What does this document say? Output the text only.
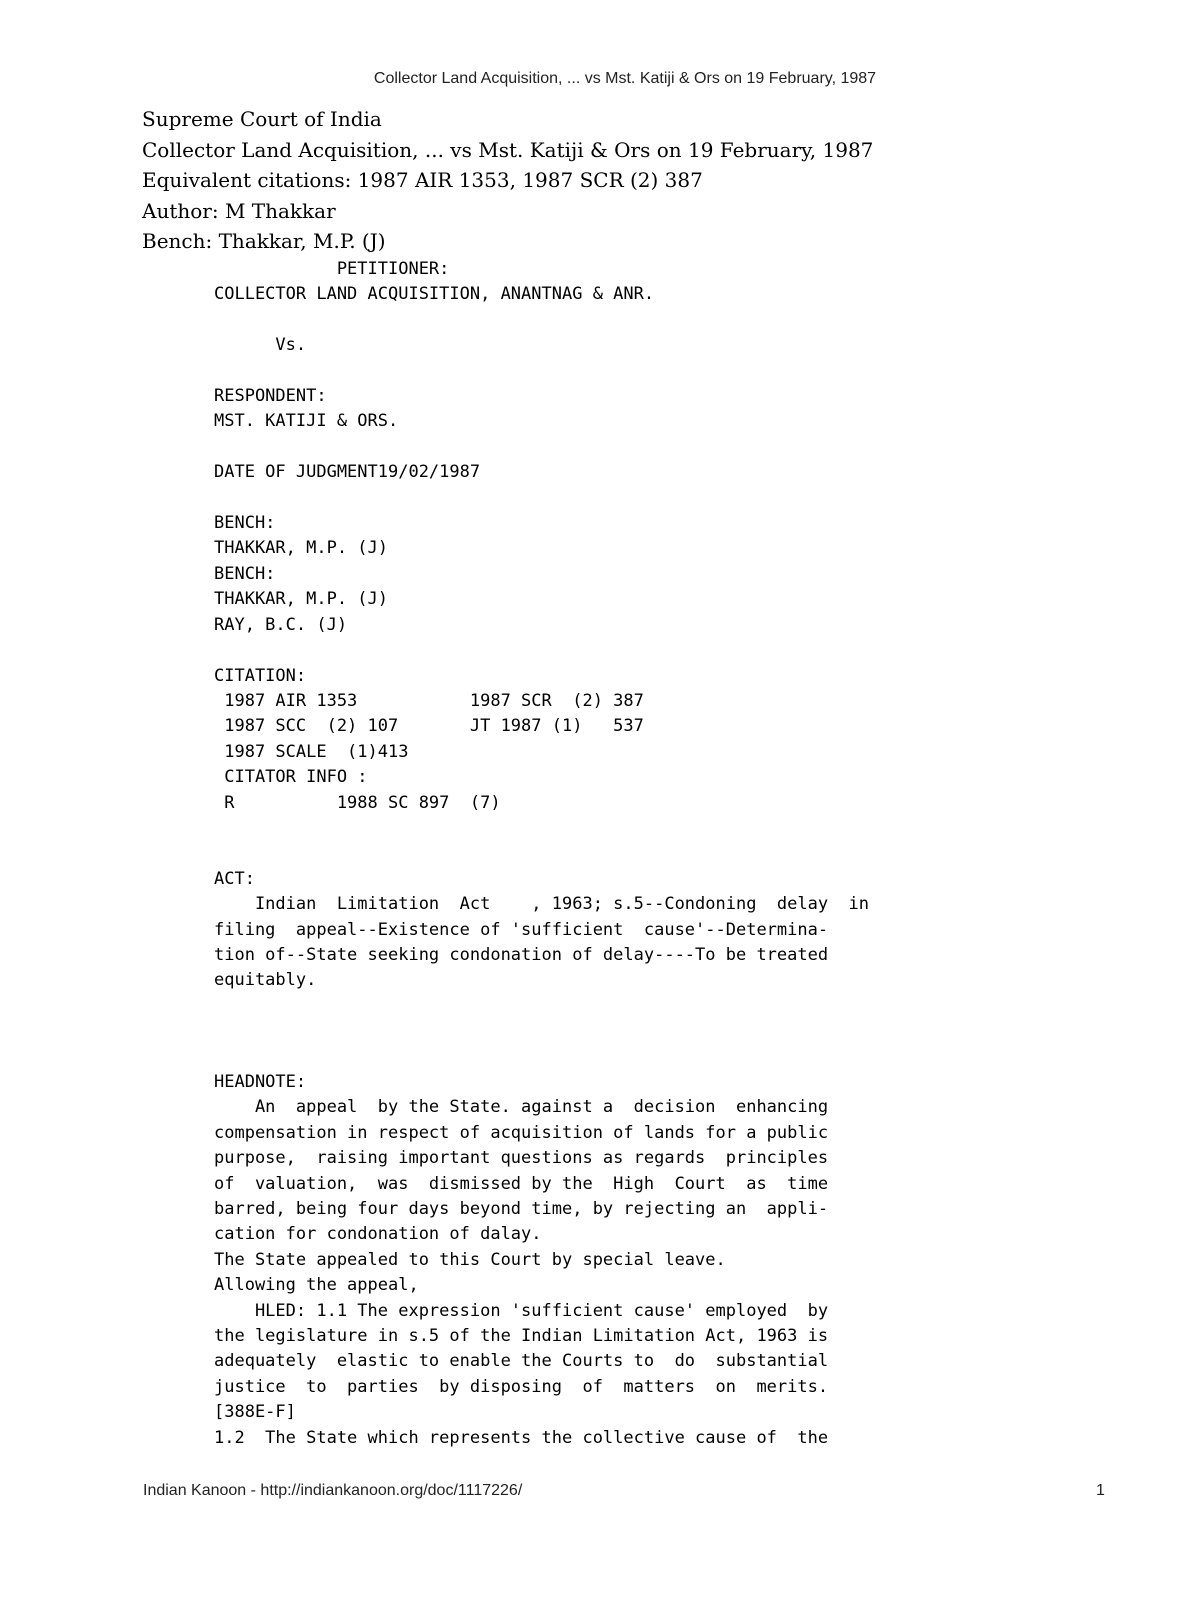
Collector Land Acquisition, ... vs Mst. Katiji & Ors on 19 February, 1987
Supreme Court of India
Collector Land Acquisition, ... vs Mst. Katiji & Ors on 19 February, 1987
Equivalent citations: 1987 AIR 1353, 1987 SCR (2) 387
Author: M Thakkar
Bench: Thakkar, M.P. (J)
PETITIONER:
COLLECTOR LAND ACQUISITION, ANANTNAG & ANR.

Vs.

RESPONDENT:
MST. KATIJI & ORS.

DATE OF JUDGMENT19/02/1987

BENCH:
THAKKAR, M.P. (J)
BENCH:
THAKKAR, M.P. (J)
RAY, B.C. (J)

CITATION:
1987 AIR 1353           1987 SCR  (2) 387
1987 SCC  (2) 107       JT 1987 (1)   537
1987 SCALE  (1)413
CITATOR INFO :
R          1988 SC 897  (7)

ACT:
Indian  Limitation  Act    , 1963; s.5--Condoning  delay  in
filing  appeal--Existence of 'sufficient  cause'--Determina-
tion of--State seeking condonation of delay----To be treated
equitably.

HEADNOTE:
An  appeal  by the State. against a  decision  enhancing
compensation in respect of acquisition of lands for a public
purpose,  raising important questions as regards  principles
of  valuation,  was  dismissed by the  High  Court  as  time
barred, being four days beyond time, by rejecting an  appli-
cation for condonation of dalay.
The State appealed to this Court by special leave.
Allowing the appeal,
HLED: 1.1 The expression 'sufficient cause' employed  by
the legislature in s.5 of the Indian Limitation Act, 1963 is
adequately  elastic to enable the Courts to  do  substantial
justice  to  parties  by disposing  of  matters  on  merits.
[388E-F]
1.2  The State which represents the collective cause of  the
Indian Kanoon - http://indiankanoon.org/doc/1117226/	1
